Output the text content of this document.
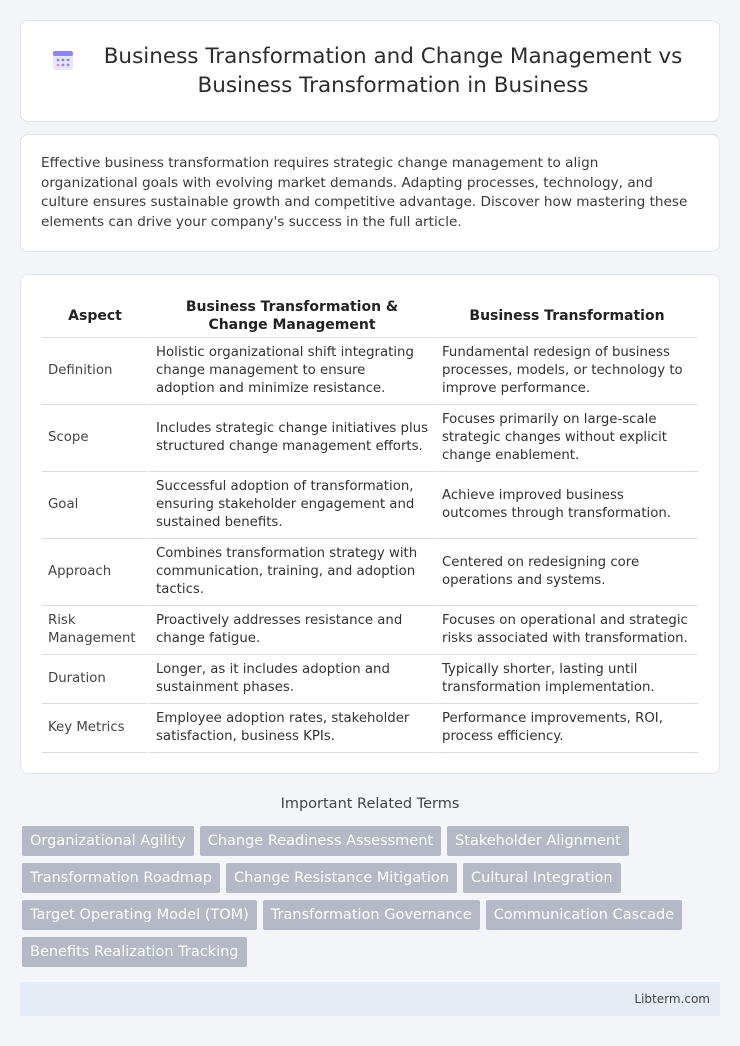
Business Transformation and Change Management vs Business Transformation in Business

Effective business transformation requires strategic change management to align organizational goals with evolving market demands. Adapting processes, technology, and culture ensures sustainable growth and competitive advantage. Discover how mastering these elements can drive your company's success in the full article.

Aspect	Business Transformation & Change Management	Business Transformation
Definition	Holistic organizational shift integrating change management to ensure adoption and minimize resistance.	Fundamental redesign of business processes, models, or technology to improve performance.
Scope	Includes strategic change initiatives plus structured change management efforts.	Focuses primarily on large-scale strategic changes without explicit change enablement.
Goal	Successful adoption of transformation, ensuring stakeholder engagement and sustained benefits.	Achieve improved business outcomes through transformation.
Approach	Combines transformation strategy with communication, training, and adoption tactics.	Centered on redesigning core operations and systems.
Risk Management	Proactively addresses resistance and change fatigue.	Focuses on operational and strategic risks associated with transformation.
Duration	Longer, as it includes adoption and sustainment phases.	Typically shorter, lasting until transformation implementation.
Key Metrics	Employee adoption rates, stakeholder satisfaction, business KPIs.	Performance improvements, ROI, process efficiency.
Important Related Terms
Organizational Agility	Change Readiness Assessment	Stakeholder Alignment
Transformation Roadmap	Change Resistance Mitigation	Cultural Integration
Target Operating Model (TOM)	Transformation Governance	Communication Cascade
Benefits Realization Tracking
Libterm.com
